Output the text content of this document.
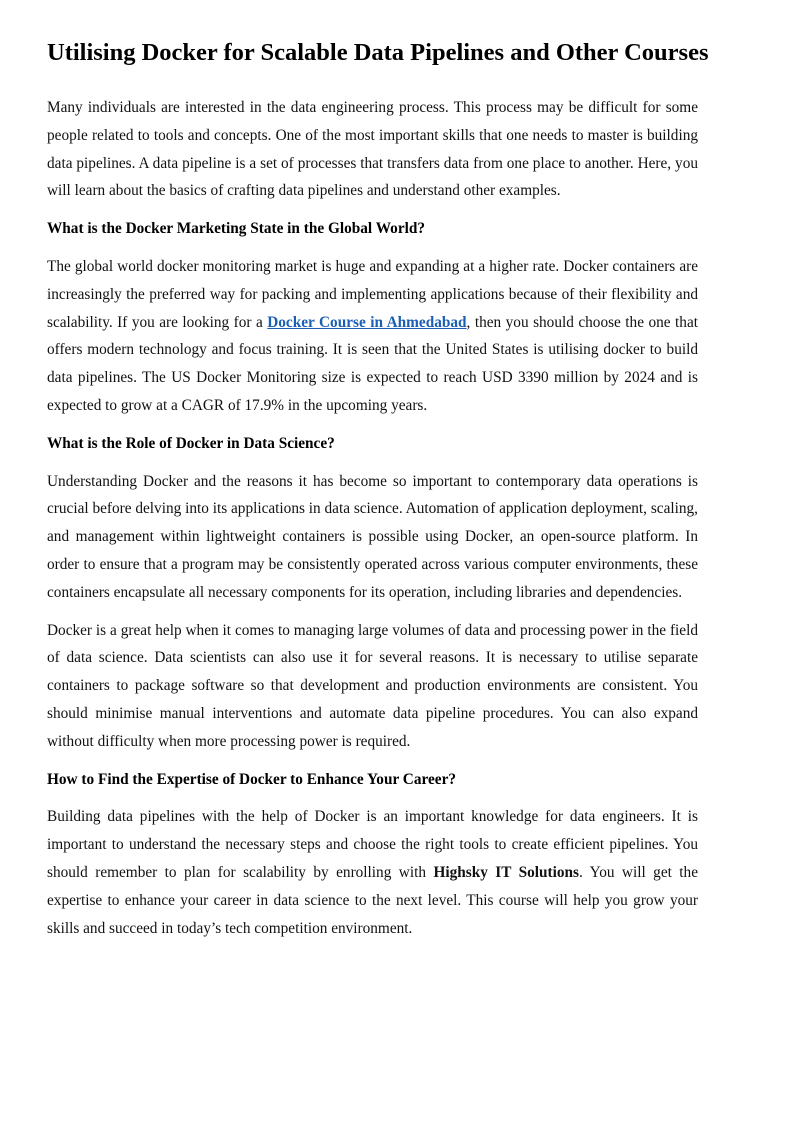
Utilising Docker for Scalable Data Pipelines and Other Courses

Many individuals are interested in the data engineering process. This process may be difficult for some people related to tools and concepts. One of the most important skills that one needs to master is building data pipelines. A data pipeline is a set of processes that transfers data from one place to another. Here, you will learn about the basics of crafting data pipelines and understand other examples.

What is the Docker Marketing State in the Global World?

The global world docker monitoring market is huge and expanding at a higher rate. Docker containers are increasingly the preferred way for packing and implementing applications because of their flexibility and scalability. If you are looking for a Docker Course in Ahmedabad, then you should choose the one that offers modern technology and focus training. It is seen that the United States is utilising docker to build data pipelines. The US Docker Monitoring size is expected to reach USD 3390 million by 2024 and is expected to grow at a CAGR of 17.9% in the upcoming years.

What is the Role of Docker in Data Science?

Understanding Docker and the reasons it has become so important to contemporary data operations is crucial before delving into its applications in data science. Automation of application deployment, scaling, and management within lightweight containers is possible using Docker, an open-source platform. In order to ensure that a program may be consistently operated across various computer environments, these containers encapsulate all necessary components for its operation, including libraries and dependencies.

Docker is a great help when it comes to managing large volumes of data and processing power in the field of data science. Data scientists can also use it for several reasons. It is necessary to utilise separate containers to package software so that development and production environments are consistent. You should minimise manual interventions and automate data pipeline procedures. You can also expand without difficulty when more processing power is required.

How to Find the Expertise of Docker to Enhance Your Career?

Building data pipelines with the help of Docker is an important knowledge for data engineers. It is important to understand the necessary steps and choose the right tools to create efficient pipelines. You should remember to plan for scalability by enrolling with Highsky IT Solutions. You will get the expertise to enhance your career in data science to the next level. This course will help you grow your skills and succeed in today’s tech competition environment.
